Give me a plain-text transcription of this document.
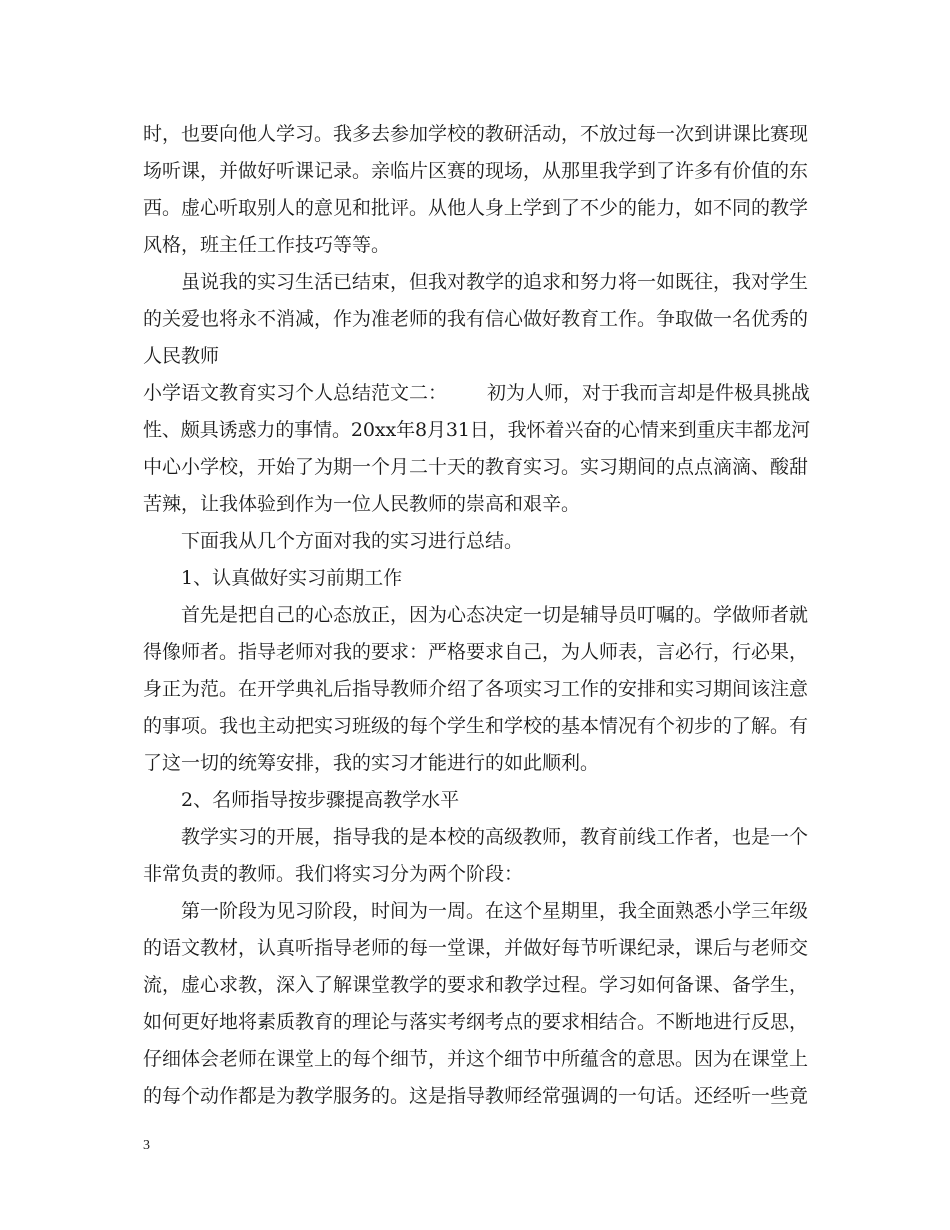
时，也要向他人学习。我多去参加学校的教研活动，不放过每一次到讲课比赛现
场听课，并做好听课记录。亲临片区赛的现场，从那里我学到了许多有价值的东
西。虚心听取别人的意见和批评。从他人身上学到了不少的能力，如不同的教学
风格，班主任工作技巧等等。
虽说我的实习生活已结束，但我对教学的追求和努力将一如既往，我对学生
的关爱也将永不消减，作为准老师的我有信心做好教育工作。争取做一名优秀的
人民教师
小学语文教育实习个人总结范文二： 初为人师，对于我而言却是件极具挑战
性、颇具诱惑力的事情。20xx年8月31日，我怀着兴奋的心情来到重庆丰都龙河
中心小学校，开始了为期一个月二十天的教育实习。实习期间的点点滴滴、酸甜
苦辣，让我体验到作为一位人民教师的崇高和艰辛。
下面我从几个方面对我的实习进行总结。
1、认真做好实习前期工作
首先是把自己的心态放正，因为心态决定一切是辅导员叮嘱的。学做师者就
得像师者。指导老师对我的要求：严格要求自己，为人师表，言必行，行必果，
身正为范。在开学典礼后指导教师介绍了各项实习工作的安排和实习期间该注意
的事项。我也主动把实习班级的每个学生和学校的基本情况有个初步的了解。有
了这一切的统筹安排，我的实习才能进行的如此顺利。
2、名师指导按步骤提高教学水平
教学实习的开展，指导我的是本校的高级教师，教育前线工作者，也是一个
非常负责的教师。我们将实习分为两个阶段：
第一阶段为见习阶段，时间为一周。在这个星期里，我全面熟悉小学三年级
的语文教材，认真听指导老师的每一堂课，并做好每节听课纪录，课后与老师交
流，虚心求教，深入了解课堂教学的要求和教学过程。学习如何备课、备学生，
如何更好地将素质教育的理论与落实考纲考点的要求相结合。不断地进行反思，
仔细体会老师在课堂上的每个细节，并这个细节中所蕴含的意思。因为在课堂上
的每个动作都是为教学服务的。这是指导教师经常强调的一句话。还经听一些竟
3
